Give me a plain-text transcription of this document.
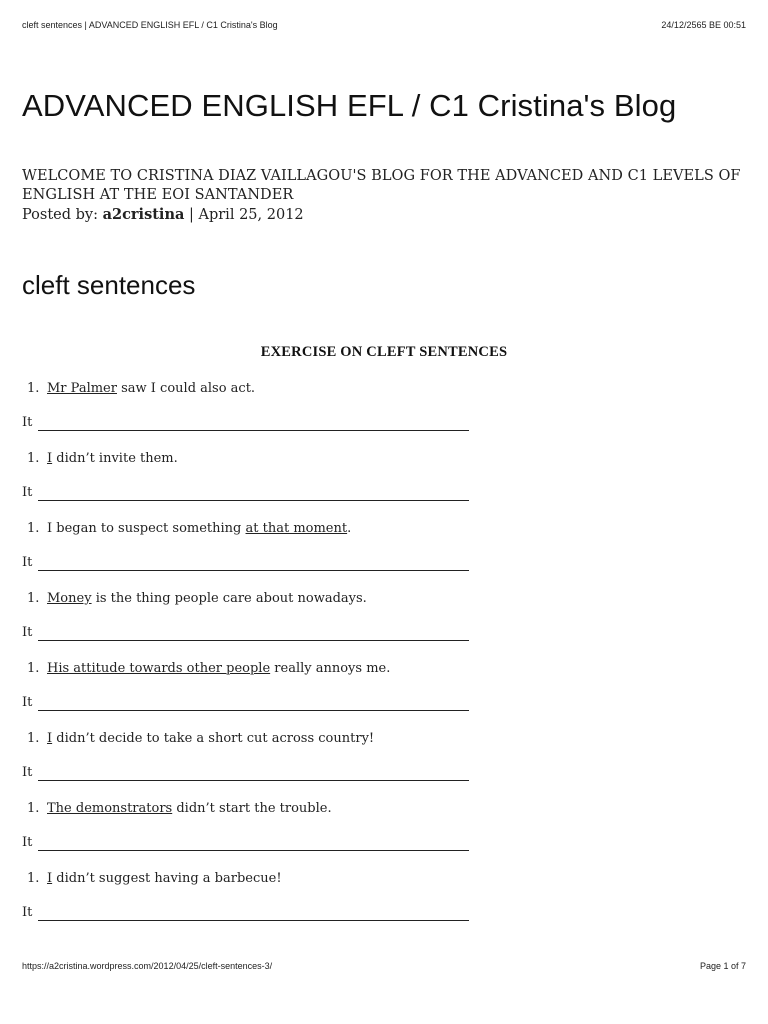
cleft sentences | ADVANCED ENGLISH EFL / C1 Cristina's Blog	24/12/2565 BE 00:51
ADVANCED ENGLISH EFL / C1 Cristina's Blog

WELCOME TO CRISTINA DIAZ VAILLAGOU'S BLOG FOR THE ADVANCED AND C1 LEVELS OF ENGLISH AT THE EOI SANTANDER

Posted by: a2cristina | April 25, 2012

cleft sentences
EXERCISE ON CLEFT SENTENCES

1. Mr Palmer saw I could also act.

It

1. I didn’t invite them.

It

1. I began to suspect something at that moment.

It

1. Money is the thing people care about nowadays.

It

1. His attitude towards other people really annoys me.

It

1. I didn’t decide to take a short cut across country!

It

1. The demonstrators didn’t start the trouble.

It

1. I didn’t suggest having a barbecue!

It

https://a2cristina.wordpress.com/2012/04/25/cleft-sentences-3/	Page 1 of 7
